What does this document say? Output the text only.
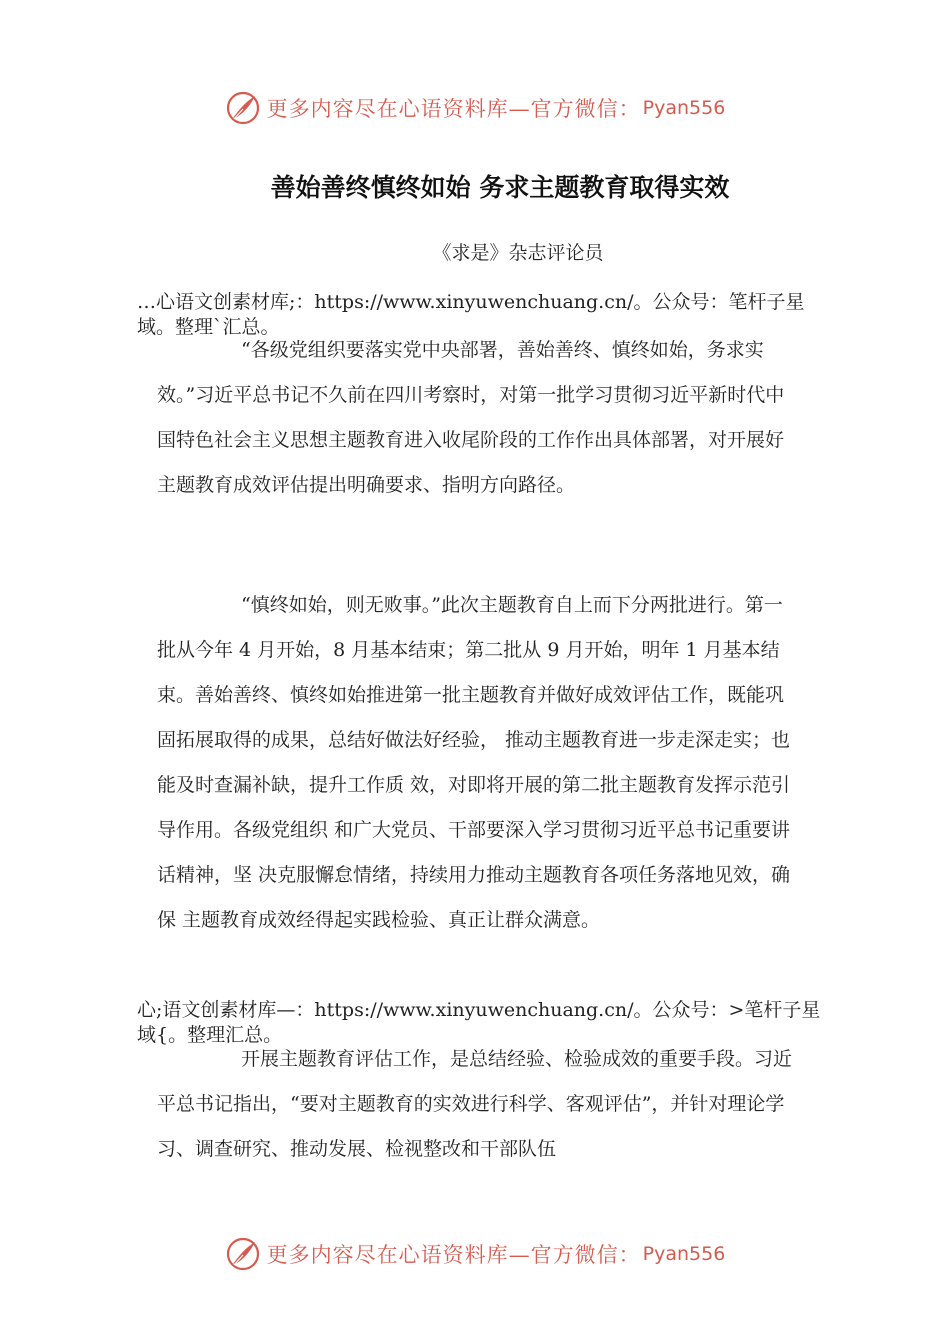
更多内容尽在心语资料库—官方微信： Pyan556
善始善终慎终如始 务求主题教育取得实效
《求是》杂志评论员
…心语文创素材库;：https://www.xinyuwenchuang.cn/。公众号：笔杆子星域。整理`汇总。
“各级党组织要落实党中央部署，善始善终、慎终如始，务求实效。”习近平总书记不久前在四川考察时，对第一批学习贯彻习近平新时代中国特色社会主义思想主题教育进入收尾阶段的工作作出具体部署，对开展好主题教育成效评估提出明确要求、指明方向路径。
“慎终如始，则无败事。”此次主题教育自上而下分两批进行。第一批从今年 4 月开始，8 月基本结束；第二批从 9 月开始，明年 1 月基本结束。善始善终、慎终如始推进第一批主题教育并做好成效评估工作，既能巩固拓展取得的成果，总结好做法好经验， 推动主题教育进一步走深走实；也能及时查漏补缺，提升工作质 效，对即将开展的第二批主题教育发挥示范引导作用。各级党组织 和广大党员、干部要深入学习贯彻习近平总书记重要讲话精神，坚 决克服懈怠情绪，持续用力推动主题教育各项任务落地见效，确保 主题教育成效经得起实践检验、真正让群众满意。
心;语文创素材库—：https://www.xinyuwenchuang.cn/。公众号：>笔杆子星域{。整理汇总。
开展主题教育评估工作，是总结经验、检验成效的重要手段。习近平总书记指出，“要对主题教育的实效进行科学、客观评估”，并针对理论学习、调查研究、推动发展、检视整改和干部队伍
更多内容尽在心语资料库—官方微信： Pyan556
